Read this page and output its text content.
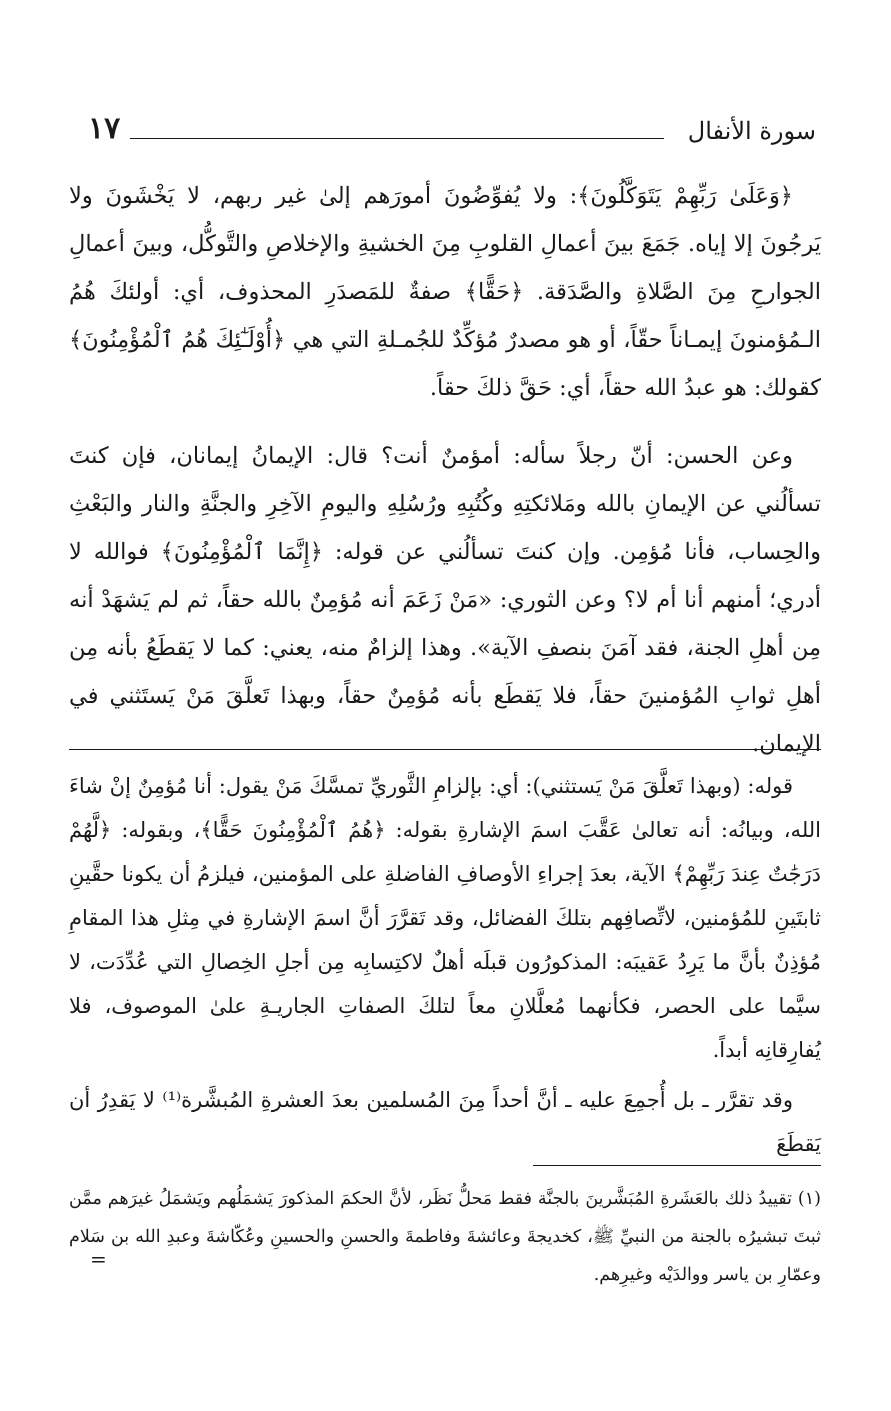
سورة الأنفال
١٧

﴿وَعَلَىٰ رَبِّهِمْ يَتَوَكَّلُونَ﴾: ولا يُفوِّضُونَ أمورَهم إلىٰ غير ربهم، لا يَخْشَونَ ولا يَرجُونَ إلا إياه. جَمَعَ بينَ أعمالِ القلوبِ مِنَ الخشيةِ والإخلاصِ والتَّوكُّل، وبينَ أعمالِ الجوارحِ مِنَ الصَّلاةِ والصَّدَقة. ﴿حَقًّا﴾ صفةٌ للمَصدَرِ المحذوف، أي: أولئكَ هُمُ الـمُؤمنونَ إيمـاناً حقّاً، أو هو مصدرٌ مُؤكِّدٌ للجُمـلةِ التي هي ﴿أُوْلَـٰٓئِكَ هُمُ ٱلْمُؤْمِنُونَ﴾ كقولك: هو عبدُ الله حقاً، أي: حَقَّ ذلكَ حقاً.

وعن الحسن: أنّ رجلاً سأله: أمؤمنٌ أنت؟ قال: الإيمانُ إيمانان، فإن كنتَ تسألُني عن الإيمانِ بالله ومَلائكتِهِ وكُتُبِهِ ورُسُلِهِ واليومِ الآخِرِ والجنَّةِ والنار والبَعْثِ والحِساب، فأنا مُؤمِن. وإن كنتَ تسألُني عن قوله: ﴿إِنَّمَا ٱلْمُؤْمِنُونَ﴾ فوالله لا أدري؛ أمنهم أنا أم لا؟ وعن الثوري: «مَنْ زَعَمَ أنه مُؤمِنٌ بالله حقاً، ثم لم يَشهَدْ أنه مِن أهلِ الجنة، فقد آمَنَ بنصفِ الآية». وهذا إلزامٌ منه، يعني: كما لا يَقطَعُ بأنه مِن أهلِ ثوابِ المُؤمنينَ حقاً، فلا يَقطَع بأنه مُؤمِنٌ حقاً، وبهذا تَعلَّقَ مَنْ يَستَثني في الإيمان.

قوله: (وبهذا تَعلَّقَ مَنْ يَستثني): أي: بإلزامِ الثَّوريِّ تمسَّكَ مَنْ يقول: أنا مُؤمِنٌ إنْ شاءَ الله، وبيانُه: أنه تعالىٰ عَقَّبَ اسمَ الإشارةِ بقوله: ﴿هُمُ ٱلْمُؤْمِنُونَ حَقًّا﴾، وبقوله: ﴿لَّهُمْ دَرَجَٰتٌ عِندَ رَبِّهِمْ﴾ الآية، بعدَ إجراءِ الأوصافِ الفاضلةِ على المؤمنين، فيلزمُ أن يكونا حقَّينِ ثابتَينِ للمُؤمنين، لاتِّصافِهم بتلكَ الفضائل، وقد تَقرَّرَ أنَّ اسمَ الإشارةِ في مِثلِ هذا المقامِ مُؤذِنٌ بأنَّ ما يَرِدُ عَقيبَه: المذكورُون قبلَه أهلٌ لاكتِسابِه مِن أجلِ الخِصالِ التي عُدِّدَت، لا سيَّما على الحصر، فكأنهما مُعلَّلانِ معاً لتلكَ الصفاتِ الجاريـةِ علىٰ الموصوف، فلا يُفارِقانِه أبداً.

وقد تقرَّر ـ بل أُجمِعَ عليه ـ أنَّ أحداً مِنَ المُسلمين بعدَ العشرةِ المُبشَّرة⁽¹⁾ لا يَقدِرُ أن يَقطَعَ

(١) تقييدُ ذلك بالعَشَرةِ المُبَشَّرينَ بالجنَّة فقط مَحلُّ نَظَر، لأنَّ الحكمَ المذكورَ يَشمَلُهم ويَشمَلُ غيرَهم ممَّن ثبتَ تبشيرُه بالجنة من النبيِّ ﷺ، كخديجةَ وعائشةَ وفاطمةَ والحسنِ والحسينِ وعُكّاشةَ وعبدِ الله بن سَلام وعمّارِ بن ياسر ووالدَيْه وغيرِهم.

=
